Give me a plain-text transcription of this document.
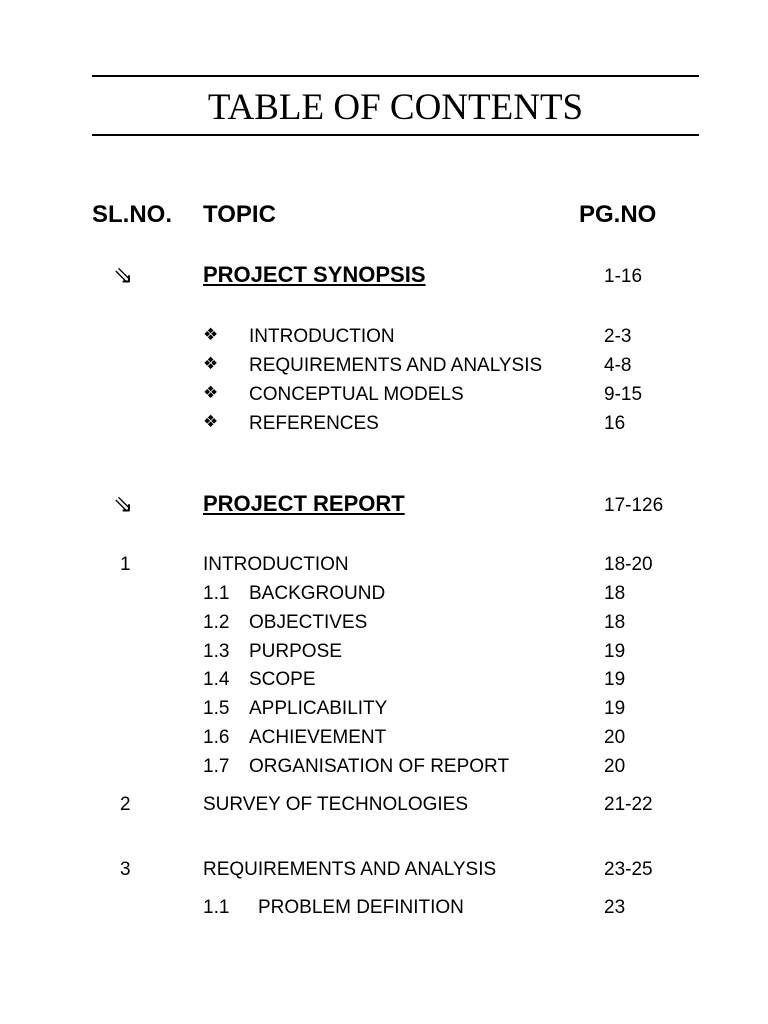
TABLE OF CONTENTS
SL.NO. TOPIC	PG.NO
⇘	PROJECT SYNOPSIS	1-16
❖ INTRODUCTION	2-3
❖ REQUIREMENTS AND ANALYSIS	4-8
❖ CONCEPTUAL MODELS	9-15
❖ REFERENCES	16
⇘	PROJECT REPORT	17-126
1	INTRODUCTION	18-20
1.1 BACKGROUND	18
1.2 OBJECTIVES	18
1.3 PURPOSE	19
1.4 SCOPE	19
1.5 APPLICABILITY	19
1.6 ACHIEVEMENT	20
1.7 ORGANISATION OF REPORT	20
2	SURVEY OF TECHNOLOGIES	21-22
3	REQUIREMENTS AND ANALYSIS	23-25
1.1 PROBLEM DEFINITION	23
